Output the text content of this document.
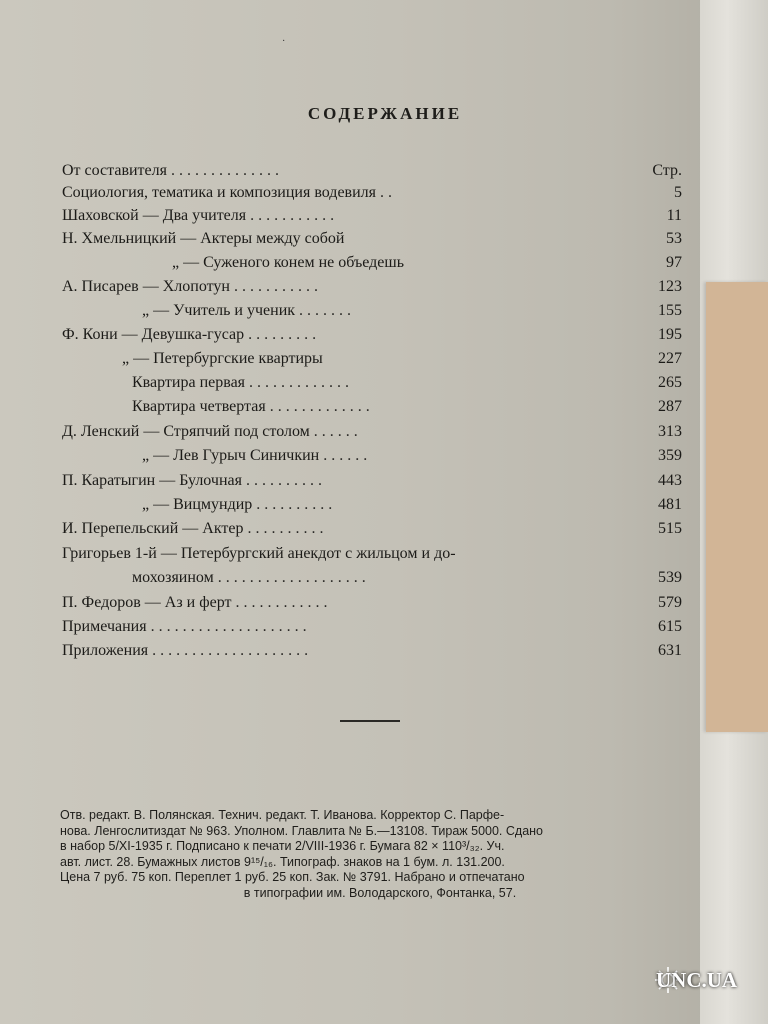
·
СОДЕРЖАНИЕ
От составителя . . . . . . . . . . . . . .	Стр.
Социология, тематика и композиция водевиля . .	5
Шаховской — Два учителя . . . . . . . . . . .	11
Н. Хмельницкий — Актеры между собой	53
„ — Суженого конем не объедешь	97
А. Писарев — Хлопотун . . . . . . . . . . .	123
„ — Учитель и ученик . . . . . . .	155
Ф. Кони — Девушка-гусар . . . . . . . . .	195
„ — Петербургские квартиры	227
Квартира первая . . . . . . . . . . . . .	265
Квартира четвертая . . . . . . . . . . . . .	287
Д. Ленский — Стряпчий под столом . . . . . .	313
„ — Лев Гурыч Синичкин . . . . . .	359
П. Каратыгин — Булочная . . . . . . . . . .	443
„ — Вицмундир . . . . . . . . . .	481
И. Перепельский — Актер . . . . . . . . . .	515
Григорьев 1-й — Петербургский анекдот с жильцом и до-
мохозяином . . . . . . . . . . . . . . . . . . .	539
П. Федоров — Аз и ферт . . . . . . . . . . . .	579
Примечания . . . . . . . . . . . . . . . . . . . .	615
Приложения . . . . . . . . . . . . . . . . . . . .	631
Отв. редакт. В. Полянская. Технич. редакт. Т. Иванова. Корректор С. Парфе-
нова. Ленгослитиздат № 963. Уполном. Главлита № Б.—13108. Тираж 5000. Сдано
в набор 5/XI-1935 г. Подписано к печати 2/VIII-1936 г. Бумага 82 × 110³/₃₂. Уч.
авт. лист. 28. Бумажных листов 9¹⁵/₁₆. Типограф. знаков на 1 бум. л. 131.200.
Цена 7 руб. 75 коп. Переплет 1 руб. 25 коп. Зак. № 3791. Набрано и отпечатано
в типографии им. Володарского, Фонтанка, 57.
UNC.UA
